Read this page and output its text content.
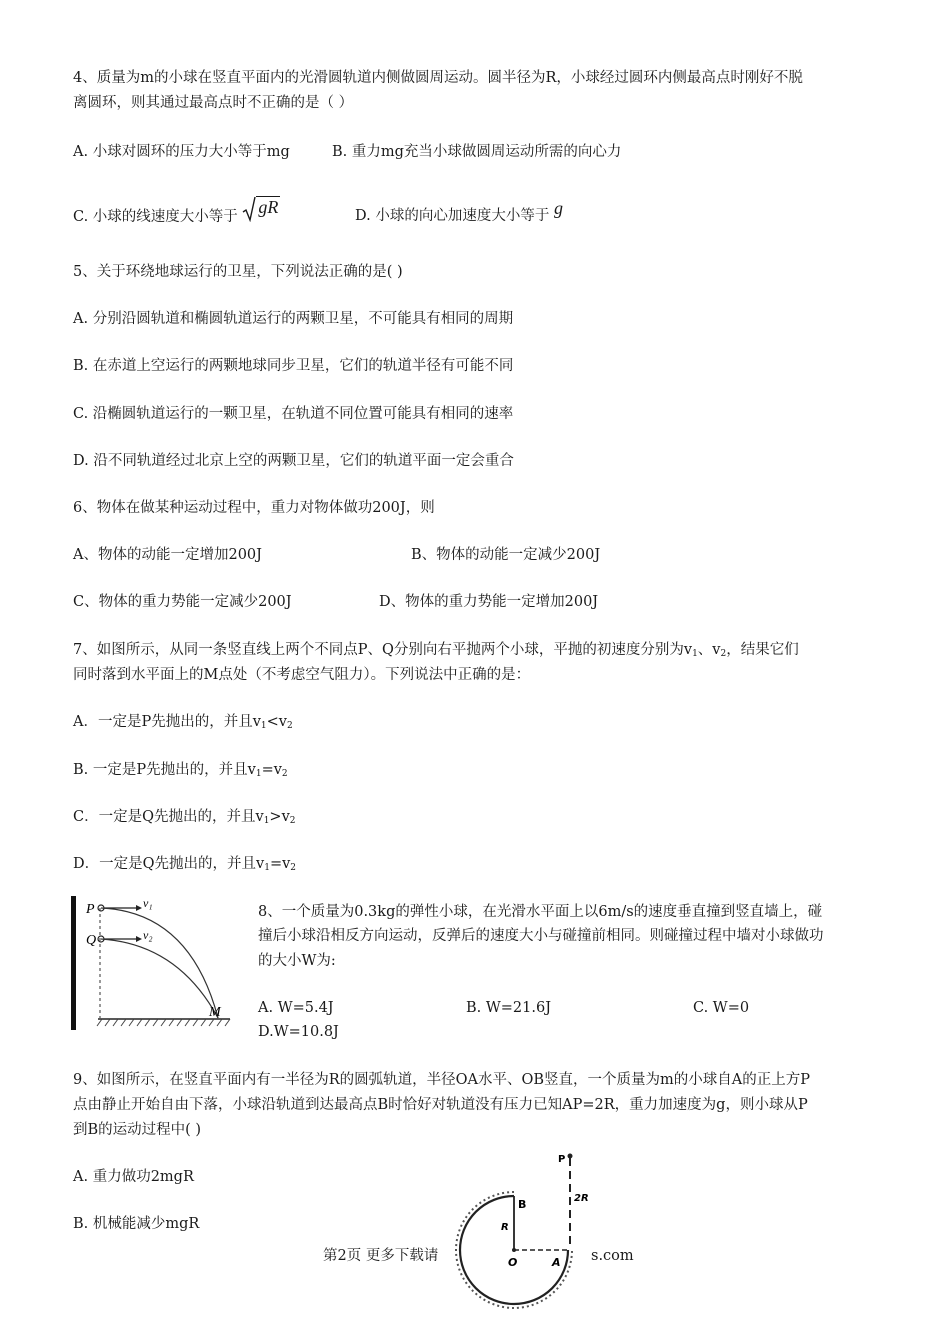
4、质量为m的小球在竖直平面内的光滑圆轨道内侧做圆周运动。圆半径为R，小球经过圆环内侧最高点时刚好不脱
离圆环，则其通过最高点时不正确的是（ ）
A. 小球对圆环的压力大小等于mg	B. 重力mg充当小球做圆周运动所需的向心力
C. 小球的线速度大小等于 gR	D. 小球的向心加速度大小等于 g
5、关于环绕地球运行的卫星，下列说法正确的是( )
A. 分别沿圆轨道和椭圆轨道运行的两颗卫星，不可能具有相同的周期
B. 在赤道上空运行的两颗地球同步卫星，它们的轨道半径有可能不同
C. 沿椭圆轨道运行的一颗卫星，在轨道不同位置可能具有相同的速率
D. 沿不同轨道经过北京上空的两颗卫星，它们的轨道平面一定会重合
6、物体在做某种运动过程中，重力对物体做功200J，则
A、物体的动能一定增加200J	B、物体的动能一定减少200J
C、物体的重力势能一定减少200J	D、物体的重力势能一定增加200J
7、如图所示，从同一条竖直线上两个不同点P、Q分别向右平抛两个小球，平抛的初速度分别为$v_1$、$v_2$，结果它们
同时落到水平面上的M点处（不考虑空气阻力）。下列说法中正确的是：
A．一定是P先抛出的，并且$v_1<v_2$
B. 一定是P先抛出的，并且$v_1=v_2$
C．一定是Q先抛出的，并且$v_1>v_2$
D．一定是Q先抛出的，并且$v_1=v_2$
P
Q
v₁
v₂
M
8、一个质量为0.3kg的弹性小球，在光滑水平面上以6m/s的速度垂直撞到竖直墙上，碰
撞后小球沿相反方向运动，反弹后的速度大小与碰撞前相同。则碰撞过程中墙对小球做功
的大小W为:
A. W=5.4J	B. W=21.6J	C. W=0
D.W=10.8J
9、如图所示，在竖直平面内有一半径为R的圆弧轨道，半径OA水平、OB竖直，一个质量为m的小球自A的正上方P
点由静止开始自由下落，小球沿轨道到达最高点B时恰好对轨道没有压力已知AP=2R，重力加速度为g，则小球从P
到B的运动过程中( )
A. 重力做功2mgR
B. 机械能减少mgR
P
B
R
2R
O	A
第2页 更多下载请	s.com
